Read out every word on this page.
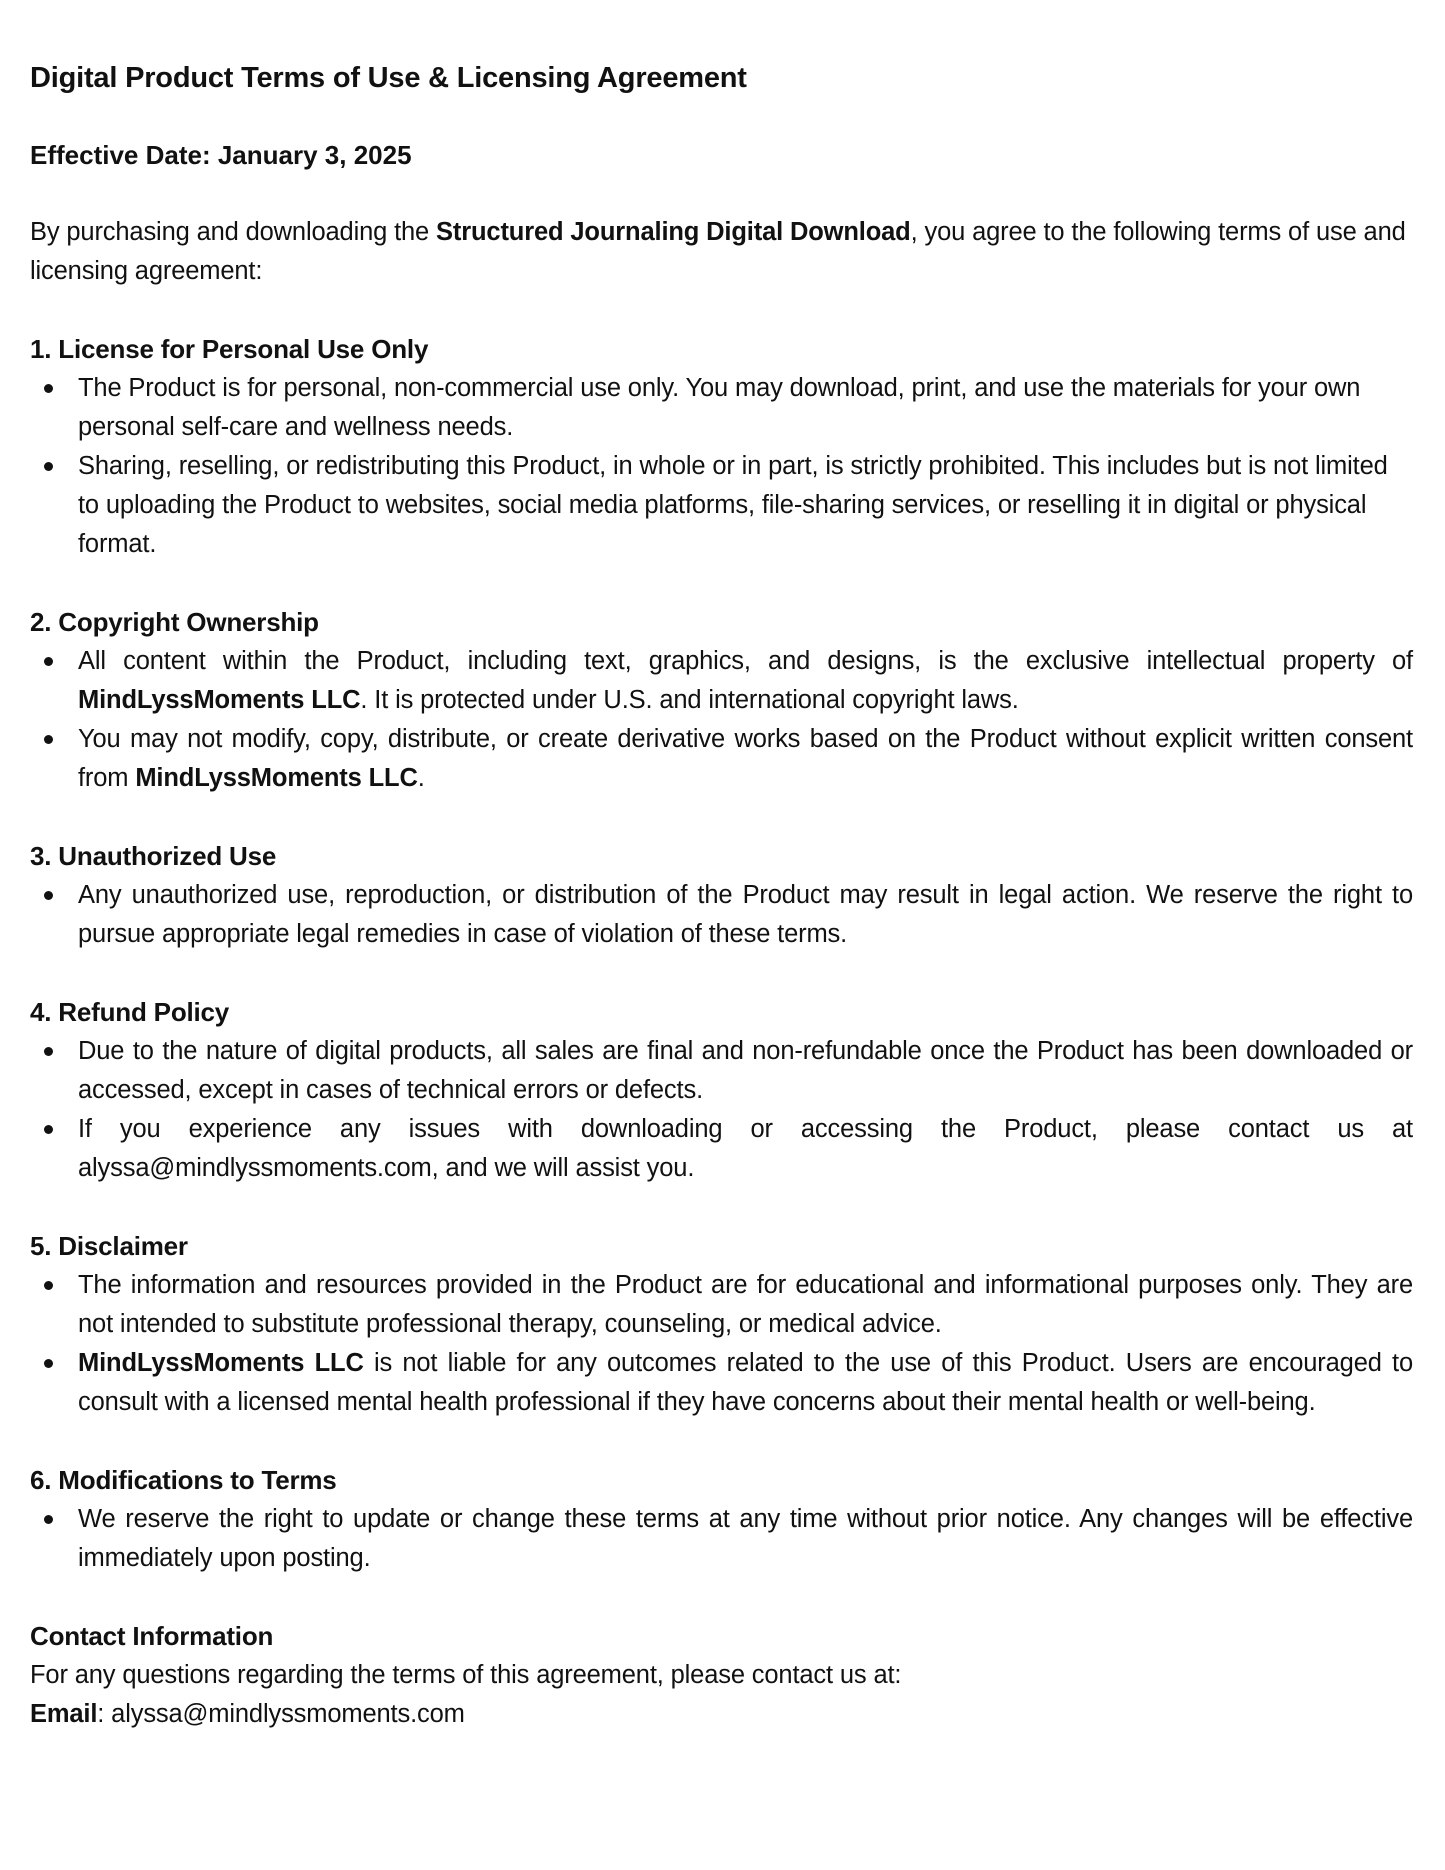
Digital Product Terms of Use & Licensing Agreement

Effective Date: January 3, 2025

By purchasing and downloading the Structured Journaling Digital Download, you agree to the following terms of use and licensing agreement:

1. License for Personal Use Only

The Product is for personal, non-commercial use only. You may download, print, and use the materials for your own personal self-care and wellness needs.
Sharing, reselling, or redistributing this Product, in whole or in part, is strictly prohibited. This includes but is not limited to uploading the Product to websites, social media platforms, file-sharing services, or reselling it in digital or physical format.

2. Copyright Ownership

All content within the Product, including text, graphics, and designs, is the exclusive intellectual property of MindLyssMoments LLC. It is protected under U.S. and international copyright laws.
You may not modify, copy, distribute, or create derivative works based on the Product without explicit written consent from MindLyssMoments LLC.

3. Unauthorized Use

Any unauthorized use, reproduction, or distribution of the Product may result in legal action. We reserve the right to pursue appropriate legal remedies in case of violation of these terms.

4. Refund Policy

Due to the nature of digital products, all sales are final and non-refundable once the Product has been downloaded or accessed, except in cases of technical errors or defects.
If you experience any issues with downloading or accessing the Product, please contact us at alyssa@mindlyssmoments.com, and we will assist you.

5. Disclaimer

The information and resources provided in the Product are for educational and informational purposes only. They are not intended to substitute professional therapy, counseling, or medical advice.
MindLyssMoments LLC is not liable for any outcomes related to the use of this Product. Users are encouraged to consult with a licensed mental health professional if they have concerns about their mental health or well-being.

6. Modifications to Terms

We reserve the right to update or change these terms at any time without prior notice. Any changes will be effective immediately upon posting.

Contact Information

For any questions regarding the terms of this agreement, please contact us at:

Email: alyssa@mindlyssmoments.com
